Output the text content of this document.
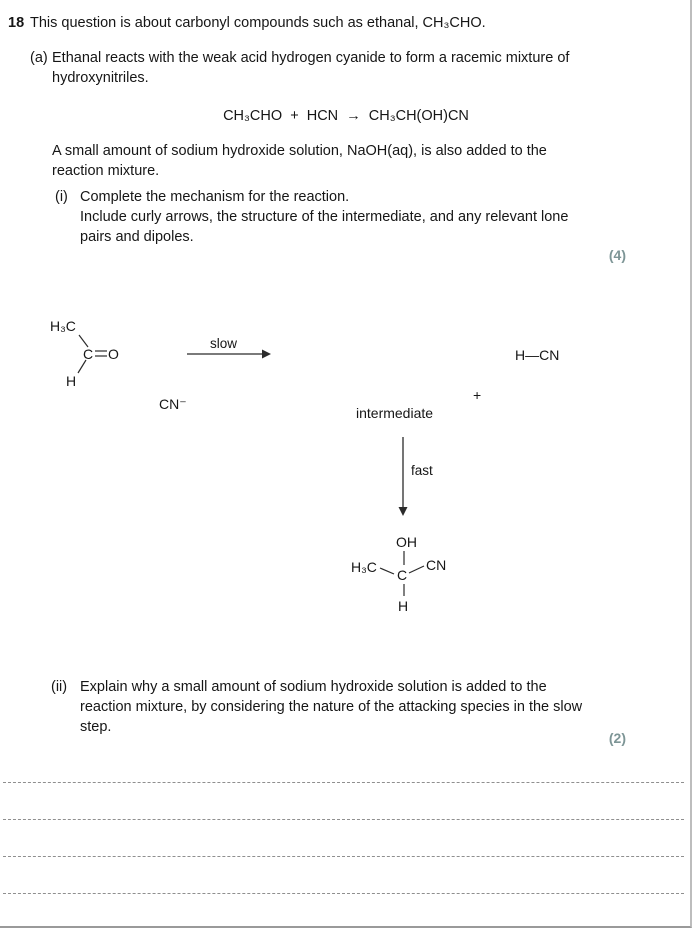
18 This question is about carbonyl compounds such as ethanal, CH₃CHO.
(a) Ethanal reacts with the weak acid hydrogen cyanide to form a racemic mixture of hydroxynitriles.
CH₃CHO  +  HCN  →  CH₃CH(OH)CN
A small amount of sodium hydroxide solution, NaOH(aq), is also added to the reaction mixture.
(i) Complete the mechanism for the reaction.
Include curly arrows, the structure of the intermediate, and any relevant lone pairs and dipoles.
(4)
H₃C
C O
H
slow
CN⁻
H—CN
+
intermediate
fast
OH
H₃C C
CN
H
(ii) Explain why a small amount of sodium hydroxide solution is added to the reaction mixture, by considering the nature of the attacking species in the slow step.
(2)
